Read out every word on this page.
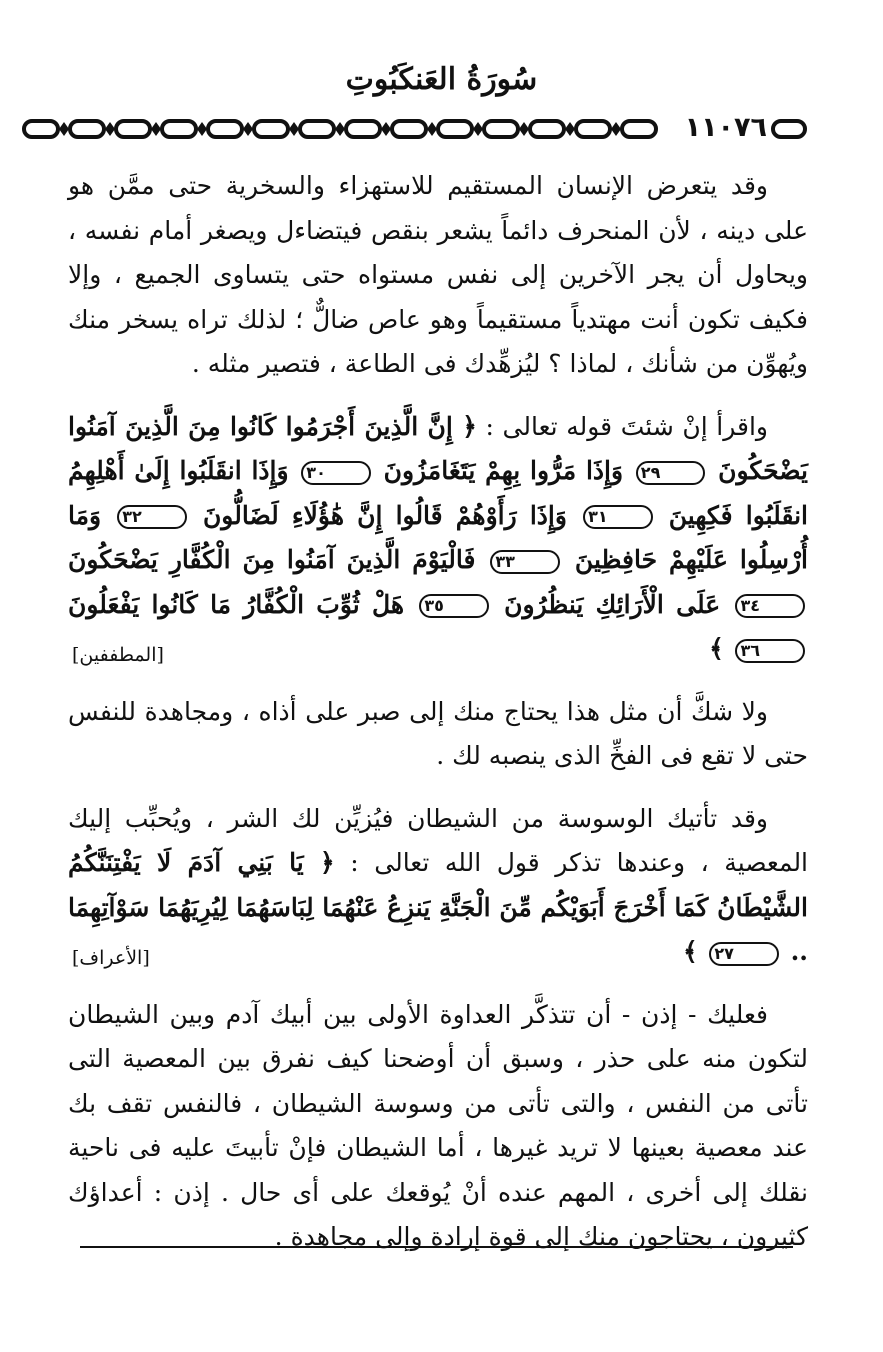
سُورَةُ العَنكَبُوتِ
١١٠٧٦

وقد يتعرض الإنسان المستقيم للاستهزاء والسخرية حتى ممَّن هو على دينه ، لأن المنحرف دائماً يشعر بنقص فيتضاءل ويصغر أمام نفسه ، ويحاول أن يجر الآخرين إلى نفس مستواه حتى يتساوى الجميع ، وإلا فكيف تكون أنت مهتدياً مستقيماً وهو عاص ضالٌّ ؛ لذلك تراه يسخر منك ويُهوِّن من شأنك ، لماذا ؟ ليُزهِّدك فى الطاعة ، فتصير مثله .

واقرأ إنْ شئتَ قوله تعالى : ﴿ إِنَّ الَّذِينَ أَجْرَمُوا كَانُوا مِنَ الَّذِينَ آمَنُوا يَضْحَكُونَ ٢٩ وَإِذَا مَرُّوا بِهِمْ يَتَغَامَزُونَ ٣٠ وَإِذَا انقَلَبُوا إِلَىٰ أَهْلِهِمُ انقَلَبُوا فَكِهِينَ ٣١ وَإِذَا رَأَوْهُمْ قَالُوا إِنَّ هَٰؤُلَاءِ لَضَالُّونَ ٣٢ وَمَا أُرْسِلُوا عَلَيْهِمْ حَافِظِينَ ٣٣ فَالْيَوْمَ الَّذِينَ آمَنُوا مِنَ الْكُفَّارِ يَضْحَكُونَ ٣٤ عَلَى الْأَرَائِكِ يَنظُرُونَ ٣٥ هَلْ ثُوِّبَ الْكُفَّارُ مَا كَانُوا يَفْعَلُونَ ٣٦ ﴾
[المطففين]

ولا شكَّ أن مثل هذا يحتاج منك إلى صبر على أذاه ، ومجاهدة للنفس حتى لا تقع فى الفخِّ الذى ينصبه لك .

وقد تأتيك الوسوسة من الشيطان فيُزيِّن لك الشر ، ويُحبِّب إليك المعصية ، وعندها تذكر قول الله تعالى : ﴿ يَا بَنِي آدَمَ لَا يَفْتِنَنَّكُمُ الشَّيْطَانُ كَمَا أَخْرَجَ أَبَوَيْكُم مِّنَ الْجَنَّةِ يَنزِعُ عَنْهُمَا لِبَاسَهُمَا لِيُرِيَهُمَا سَوْآتِهِمَا .. ٢٧ ﴾
[الأعراف]

فعليك - إذن - أن تتذكَّر العداوة الأولى بين أبيك آدم وبين الشيطان لتكون منه على حذر ، وسبق أن أوضحنا كيف نفرق بين المعصية التى تأتى من النفس ، والتى تأتى من وسوسة الشيطان ، فالنفس تقف بك عند معصية بعينها لا تريد غيرها ، أما الشيطان فإنْ تأبيتَ عليه فى ناحية نقلك إلى أخرى ، المهم عنده أنْ يُوقعك على أى حال . إذن : أعداؤك كثيرون ، يحتاجون منك إلى قوة إرادة وإلى مجاهدة .
